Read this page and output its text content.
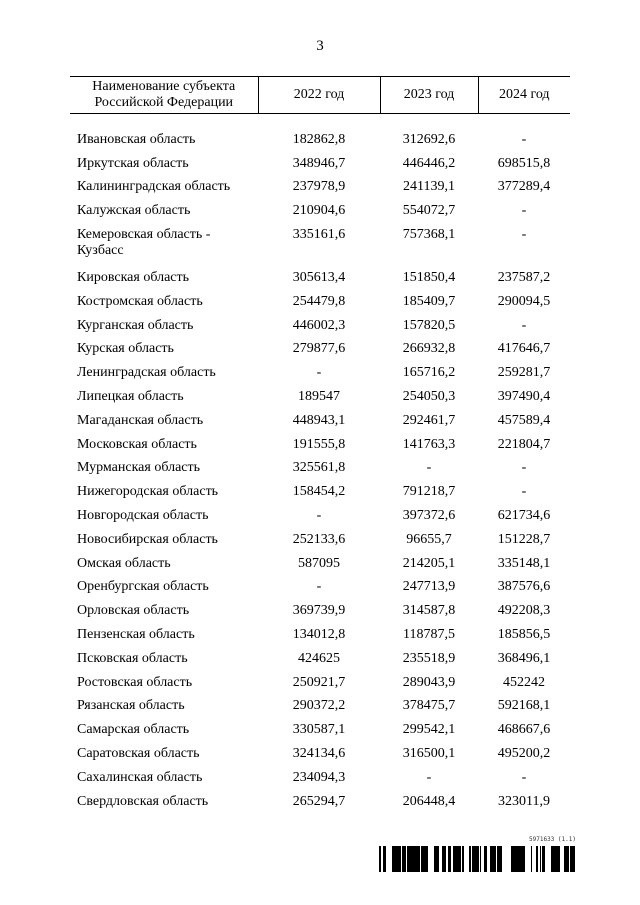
3
Наименование субъекта Российской Федерации	2022 год	2023 год	2024 год

Ивановская область	182862,8	312692,6	-
Иркутская область	348946,7	446446,2	698515,8
Калининградская область	237978,9	241139,1	377289,4
Калужская область	210904,6	554072,7	-
Кемеровская область - Кузбасс	335161,6	757368,1	-
Кировская область	305613,4	151850,4	237587,2
Костромская область	254479,8	185409,7	290094,5
Курганская область	446002,3	157820,5	-
Курская область	279877,6	266932,8	417646,7
Ленинградская область	-	165716,2	259281,7
Липецкая область	189547	254050,3	397490,4
Магаданская область	448943,1	292461,7	457589,4
Московская область	191555,8	141763,3	221804,7
Мурманская область	325561,8	-	-
Нижегородская область	158454,2	791218,7	-
Новгородская область	-	397372,6	621734,6
Новосибирская область	252133,6	96655,7	151228,7
Омская область	587095	214205,1	335148,1
Оренбургская область	-	247713,9	387576,6
Орловская область	369739,9	314587,8	492208,3
Пензенская область	134012,8	118787,5	185856,5
Псковская область	424625	235518,9	368496,1
Ростовская область	250921,7	289043,9	452242
Рязанская область	290372,2	378475,7	592168,1
Самарская область	330587,1	299542,1	468667,6
Саратовская область	324134,6	316500,1	495200,2
Сахалинская область	234094,3	-	-
Свердловская область	265294,7	206448,4	323011,9
5971633 (1.1)
